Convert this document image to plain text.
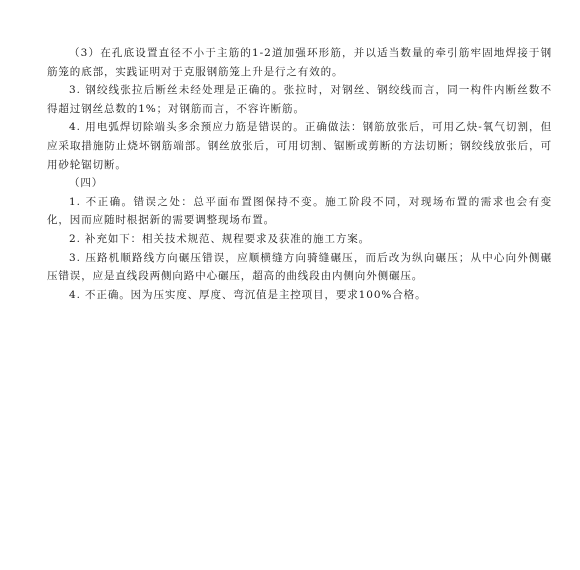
（3）在孔底设置直径不小于主筋的1-2道加强环形筋，并以适当数量的牵引筋牢固地焊接于钢筋笼的底部，实践证明对于克服钢筋笼上升是行之有效的。

3. 钢绞线张拉后断丝未经处理是正确的。张拉时，对钢丝、钢绞线而言，同一构件内断丝数不得超过钢丝总数的1%；对钢筋而言，不容许断筋。

4. 用电弧焊切除端头多余预应力筋是错误的。正确做法：钢筋放张后，可用乙炔-氧气切割，但应采取措施防止烧坏钢筋端部。钢丝放张后，可用切割、锯断或剪断的方法切断；钢绞线放张后，可用砂轮锯切断。

（四）

1. 不正确。错误之处：总平面布置图保持不变。施工阶段不同，对现场布置的需求也会有变化，因而应随时根据新的需要调整现场布置。

2. 补充如下：相关技术规范、规程要求及获准的施工方案。

3. 压路机顺路线方向碾压错误，应顺横缝方向骑缝碾压，而后改为纵向碾压；从中心向外侧碾压错误，应是直线段两侧向路中心碾压，超高的曲线段由内侧向外侧碾压。

4. 不正确。因为压实度、厚度、弯沉值是主控项目，要求100%合格。
